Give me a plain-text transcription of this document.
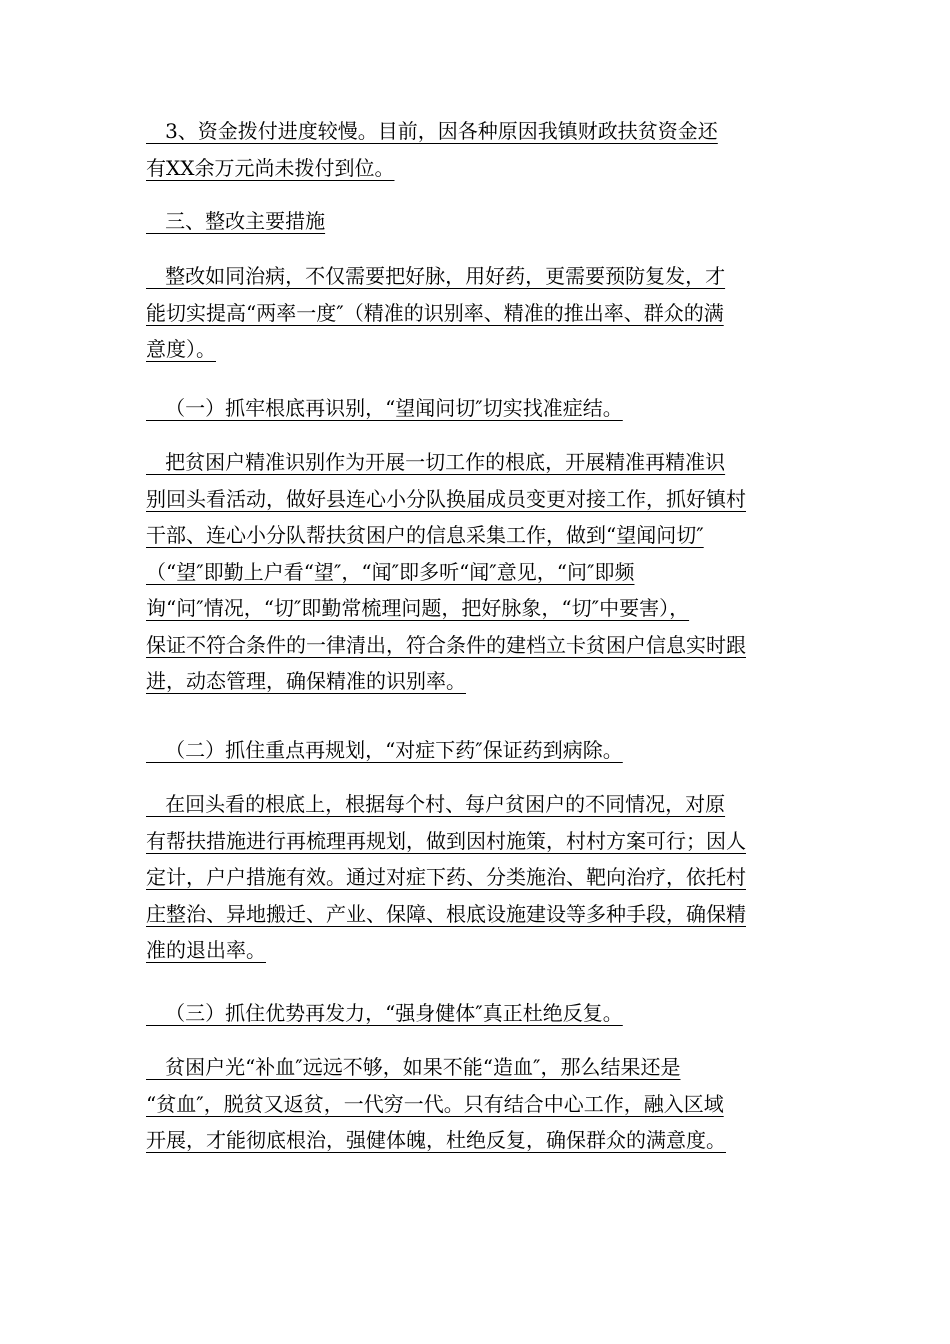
3、资金拨付进度较慢。目前，因各种原因我镇财政扶贫资金还
有XX余万元尚未拨付到位。
三、整改主要措施
整改如同治病，不仅需要把好脉，用好药，更需要预防复发，才
能切实提高“两率一度″（精准的识别率、精准的推出率、群众的满
意度）。
（一）抓牢根底再识别，“望闻问切″切实找准症结。
把贫困户精准识别作为开展一切工作的根底，开展精准再精准识
别回头看活动，做好县连心小分队换届成员变更对接工作，抓好镇村
干部、连心小分队帮扶贫困户的信息采集工作，做到“望闻问切″
（“望″即勤上户看“望″，“闻″即多听“闻″意见，“问″即频
询“问″情况，“切″即勤常梳理问题，把好脉象，“切″中要害），
保证不符合条件的一律清出，符合条件的建档立卡贫困户信息实时跟
进，动态管理，确保精准的识别率。
（二）抓住重点再规划，“对症下药″保证药到病除。
在回头看的根底上，根据每个村、每户贫困户的不同情况，对原
有帮扶措施进行再梳理再规划，做到因村施策，村村方案可行；因人
定计，户户措施有效。通过对症下药、分类施治、靶向治疗，依托村
庄整治、异地搬迁、产业、保障、根底设施建设等多种手段，确保精
准的退出率。
（三）抓住优势再发力，“强身健体″真正杜绝反复。
贫困户光“补血″远远不够，如果不能“造血″，那么结果还是
“贫血″，脱贫又返贫，一代穷一代。只有结合中心工作，融入区域
开展，才能彻底根治，强健体魄，杜绝反复，确保群众的满意度。
